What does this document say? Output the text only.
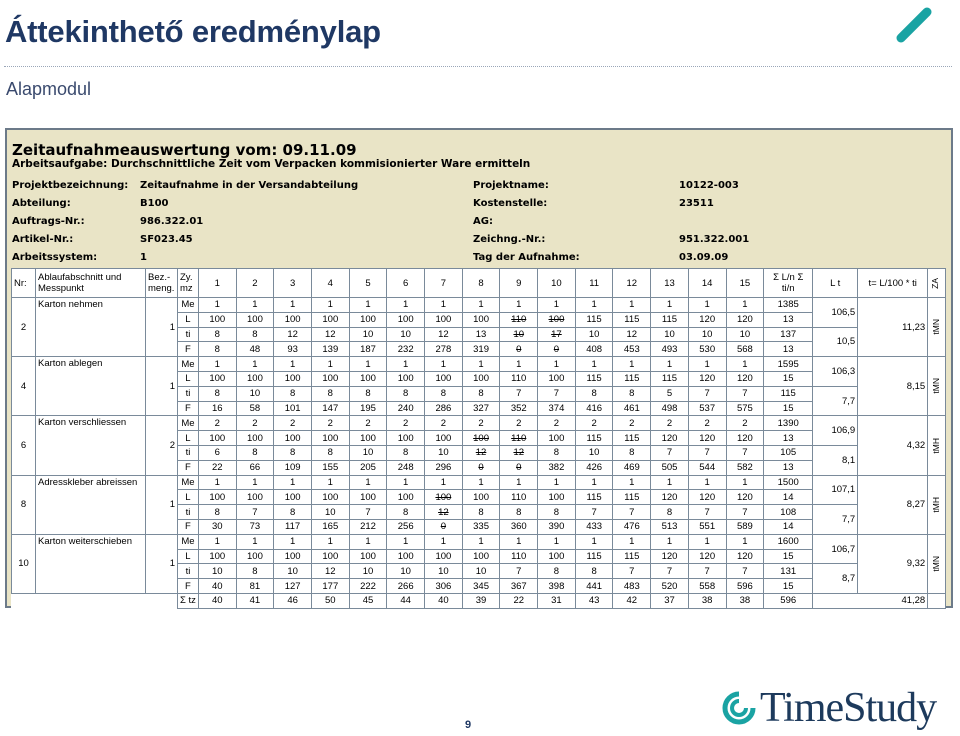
Áttekinthető eredménylap
Alapmodul
Zeitaufnahmeauswertung vom: 09.11.09
Arbeitsaufgabe: Durchschnittliche Zeit vom Verpacken kommisionierter Ware ermitteln
Projektbezeichnung: Zeitaufnahme in der Versandabteilung
Abteilung:	B100
Auftrags-Nr.:	986.322.01
Artikel-Nr.:	SF023.45
Arbeitssystem:	1
Projektname:	10122-003
Kostenstelle:	23511
AG:
Zeichng.-Nr.:	951.322.001
Tag der Aufnahme:	03.09.09
Nr:	Ablaufabschnitt und Messpunkt	Bez.- meng.	Zy. mz	1	2	3	4	5	6	7	8	9	10	11	12	13	14	15	Σ L/n Σ ti/n	L t	t= L/100 * ti	ZA

2	Karton nehmen	1	Me	1	1	1	1	1	1	1	1	1	1	1	1	1	1	1	1385	106,5	11,23	tMN

			L	100	100	100	100	100	100	100	100	110	100	115	115	115	120	120	13			
			ti	8	8	12	12	10	10	12	13	10	17	10	12	10	10	10	137	10,5		
			F	8	48	93	139	187	232	278	319	0	0	408	453	493	530	568	13			
4	Karton ablegen	1	Me	1	1	1	1	1	1	1	1	1	1	1	1	1	1	1	1595	106,3	8,15	tMN

			L	100	100	100	100	100	100	100	100	110	100	115	115	115	120	120	15			
			ti	8	10	8	8	8	8	8	8	7	7	8	8	5	7	7	115	7,7		
			F	16	58	101	147	195	240	286	327	352	374	416	461	498	537	575	15			
6	Karton verschliessen	2	Me	2	2	2	2	2	2	2	2	2	2	2	2	2	2	2	1390	106,9	4,32	tMH

			L	100	100	100	100	100	100	100	100	110	100	115	115	120	120	120	13			
			ti	6	8	8	8	10	8	10	12	12	8	10	8	7	7	7	105	8,1		
			F	22	66	109	155	205	248	296	0	0	382	426	469	505	544	582	13			
8	Adresskleber abreissen	1	Me	1	1	1	1	1	1	1	1	1	1	1	1	1	1	1	1500	107,1	8,27	tMH

			L	100	100	100	100	100	100	100	100	110	100	115	115	120	120	120	14			
			ti	8	7	8	10	7	8	12	8	8	8	7	7	8	7	7	108	7,7		
			F	30	73	117	165	212	256	0	335	360	390	433	476	513	551	589	14			
10	Karton weiterschieben	1	Me	1	1	1	1	1	1	1	1	1	1	1	1	1	1	1	1600	106,7	9,32	tMN

			L	100	100	100	100	100	100	100	100	110	100	115	115	120	120	120	15			
			ti	10	8	10	12	10	10	10	10	7	8	8	7	7	7	7	131	8,7		
			F	40	81	127	177	222	266	306	345	367	398	441	483	520	558	596	15			
			Σ tz	40	41	46	50	45	44	40	39	22	31	43	42	37	38	38	596	41,28		
9	TimeStudy
